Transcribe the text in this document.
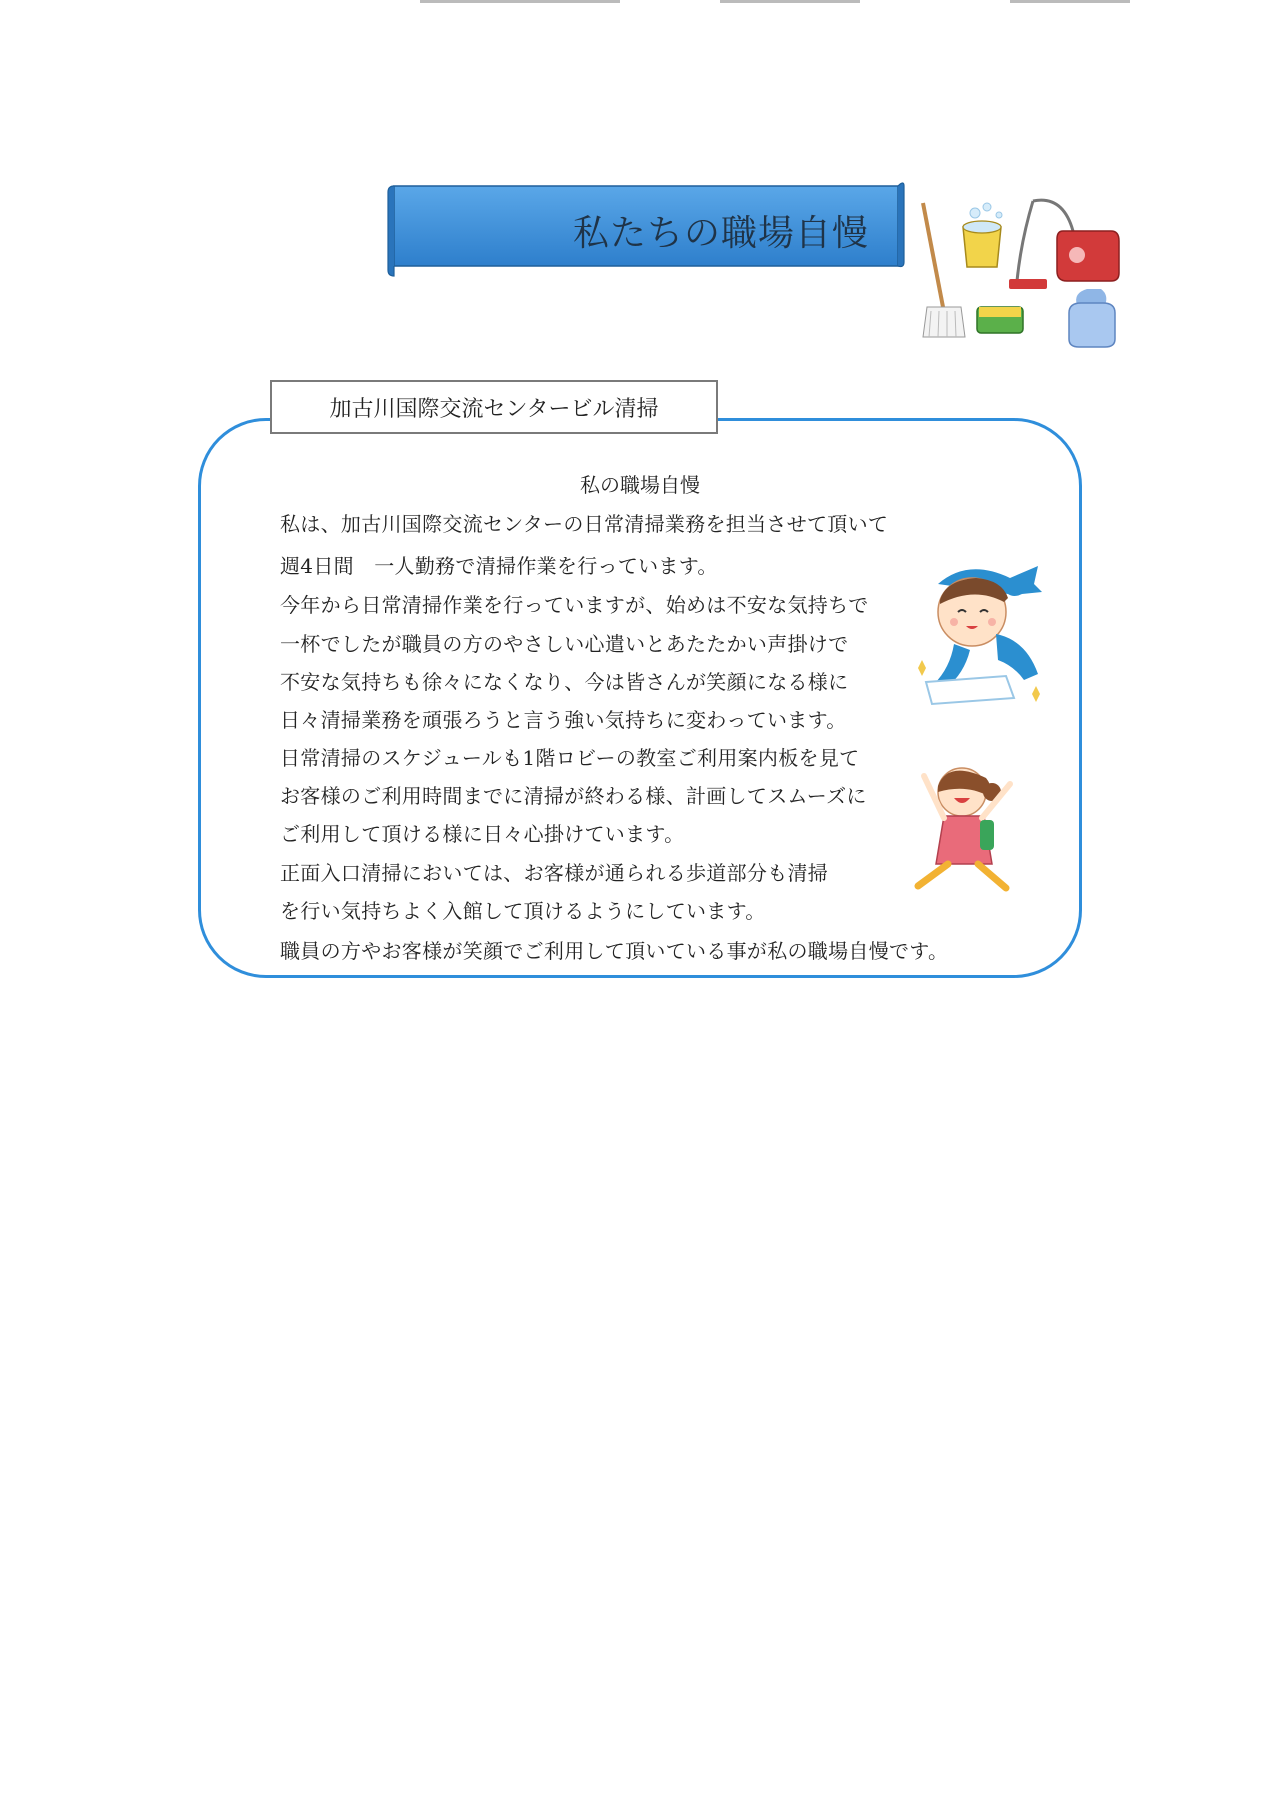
私たちの職場自慢
加古川国際交流センタービル清掃
私の職場自慢
私は、加古川国際交流センターの日常清掃業務を担当させて頂いて
週4日間　一人勤務で清掃作業を行っています。
今年から日常清掃作業を行っていますが、始めは不安な気持ちで
一杯でしたが職員の方のやさしい心遣いとあたたかい声掛けで
不安な気持ちも徐々になくなり、今は皆さんが笑顔になる様に
日々清掃業務を頑張ろうと言う強い気持ちに変わっています。
日常清掃のスケジュールも1階ロビーの教室ご利用案内板を見て
お客様のご利用時間までに清掃が終わる様、計画してスムーズに
ご利用して頂ける様に日々心掛けています。
正面入口清掃においては、お客様が通られる歩道部分も清掃
を行い気持ちよく入館して頂けるようにしています。
職員の方やお客様が笑顔でご利用して頂いている事が私の職場自慢です。
